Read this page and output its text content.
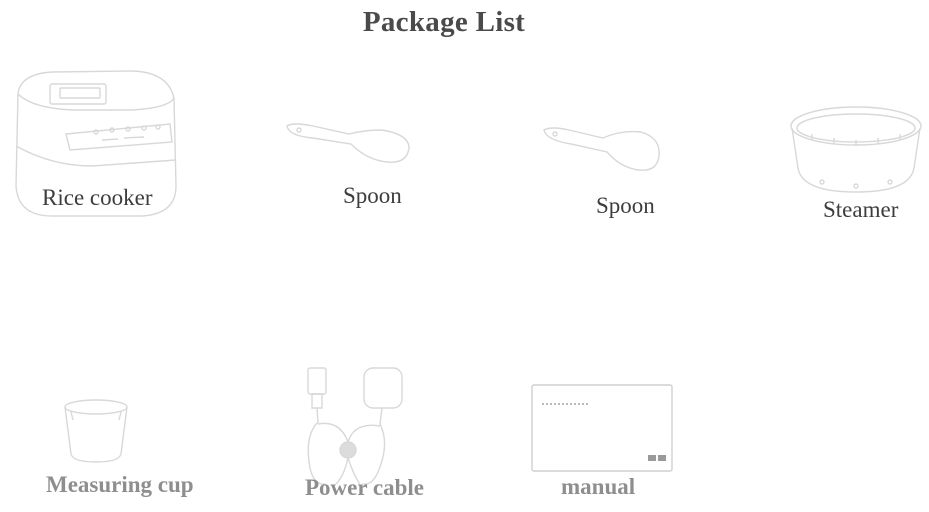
Package List
Rice cooker	Spoon	Spoon	Steamer
Measuring cup	Power cable	manual
